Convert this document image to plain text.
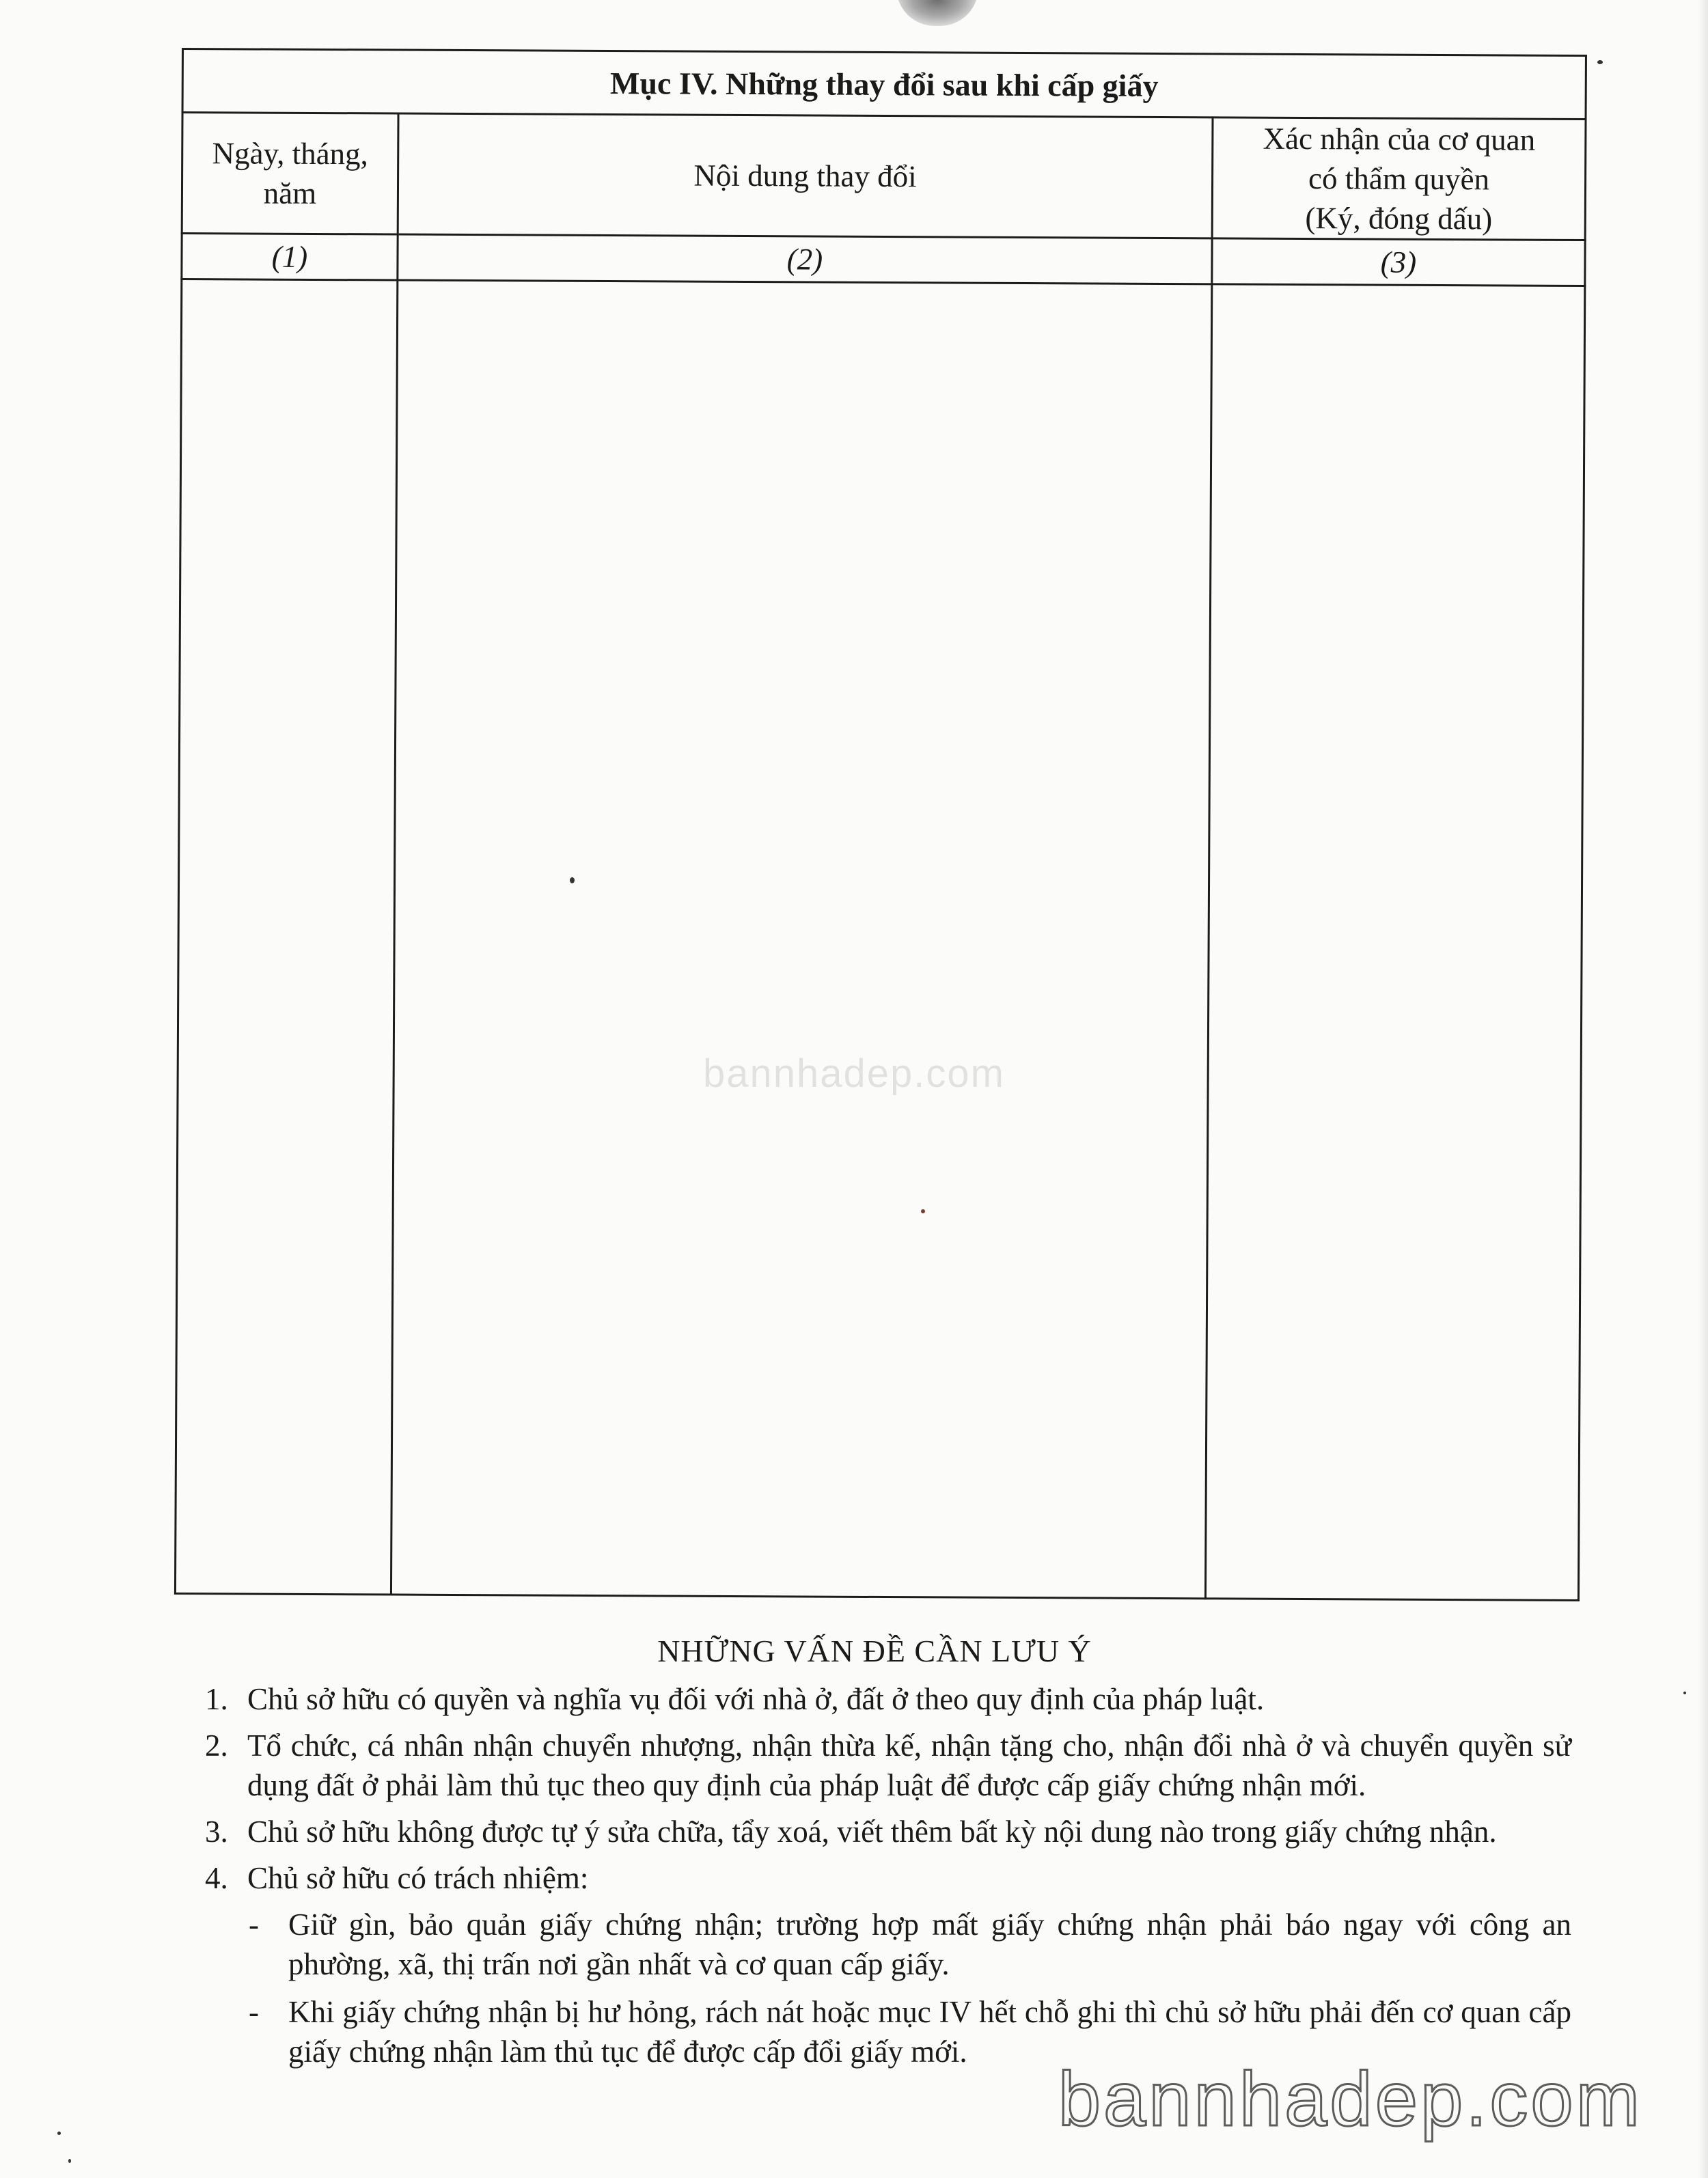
Mục IV. Những thay đổi sau khi cấp giấy		

Ngày, tháng, năm	Nội dung thay đổi	Xác nhận của cơ quan
có thẩm quyền
(Ký, đóng dấu)

(1)	(2)	(3)

bannhadep.com
NHỮNG VẤN ĐỀ CẦN LƯU Ý
1. Chủ sở hữu có quyền và nghĩa vụ đối với nhà ở, đất ở theo quy định của pháp luật.
2. Tổ chức, cá nhân nhận chuyển nhượng, nhận thừa kế, nhận tặng cho, nhận đổi nhà ở và chuyển quyền sử dụng đất ở phải làm thủ tục theo quy định của pháp luật để được cấp giấy chứng nhận mới.
3. Chủ sở hữu không được tự ý sửa chữa, tẩy xoá, viết thêm bất kỳ nội dung nào trong giấy chứng nhận.
4. Chủ sở hữu có trách nhiệm:
- Giữ gìn, bảo quản giấy chứng nhận; trường hợp mất giấy chứng nhận phải báo ngay với công an phường, xã, thị trấn nơi gần nhất và cơ quan cấp giấy.
- Khi giấy chứng nhận bị hư hỏng, rách nát hoặc mục IV hết chỗ ghi thì chủ sở hữu phải đến cơ quan cấp giấy chứng nhận làm thủ tục để được cấp đổi giấy mới.
bannhadep.com
